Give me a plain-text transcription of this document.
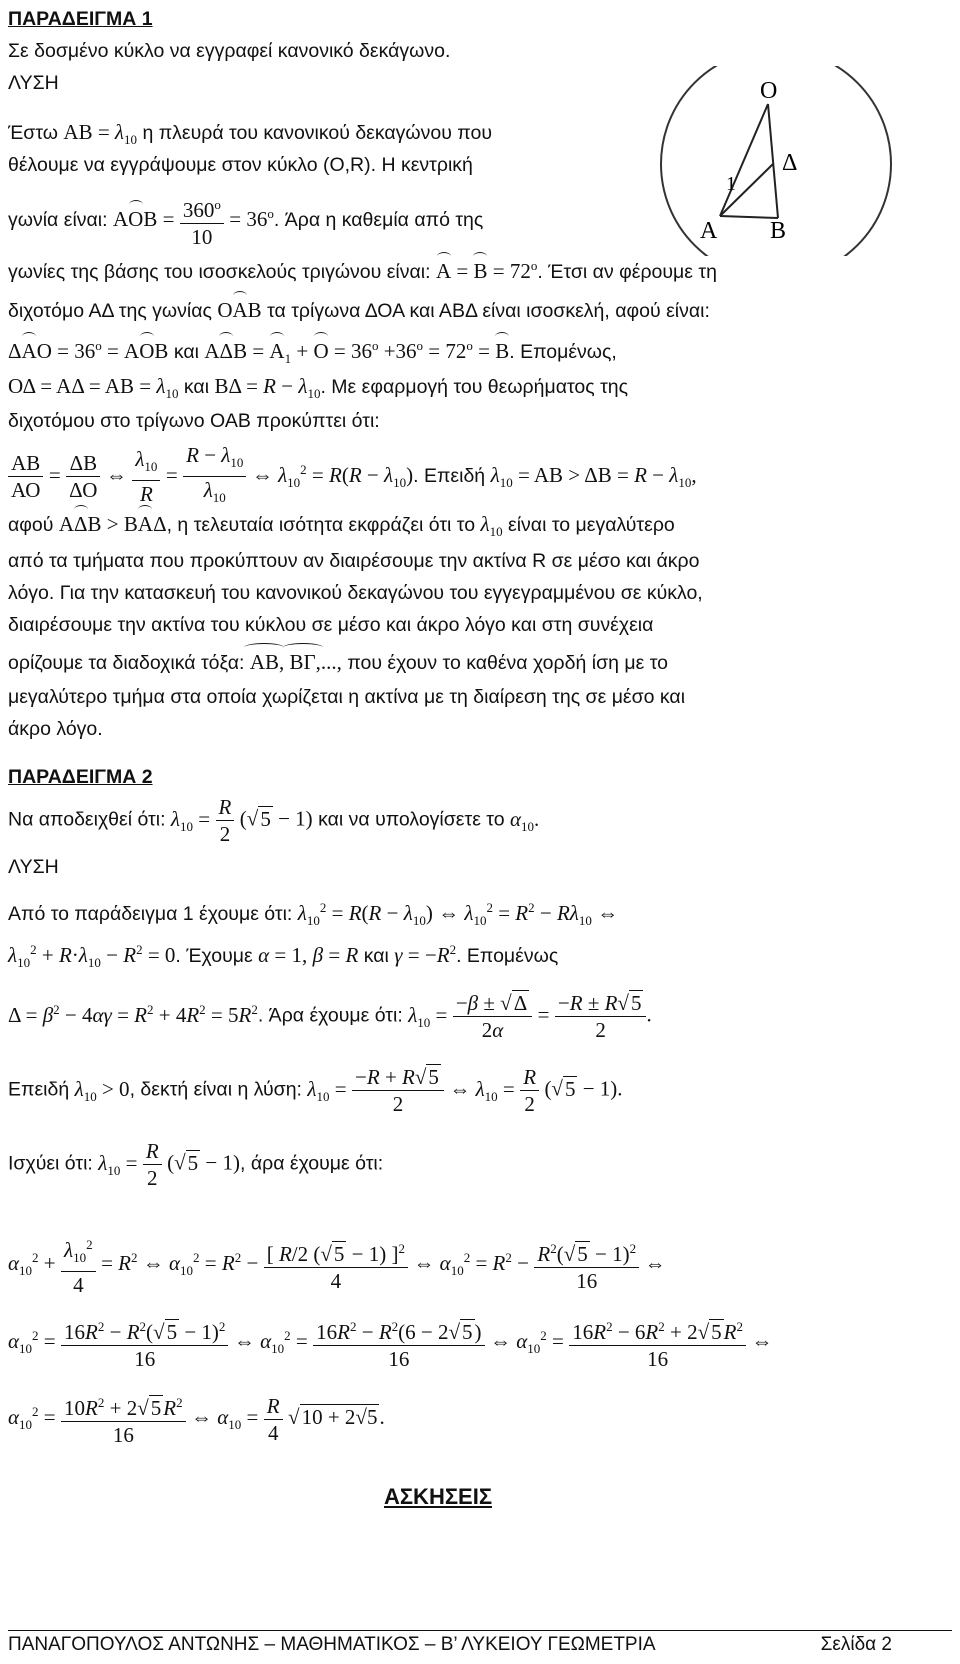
ΠΑΡΑΔΕΙΓΜΑ 1
Σε δοσμένο κύκλο να εγγραφεί κανονικό δεκάγωνο.
ΛΥΣΗ
Έστω $AB = \lambda_{10}$ η πλευρά του κανονικού δεκαγώνου που
θέλουμε να εγγράψουμε στον κύκλο (Ο,R). Η κεντρική
γωνία είναι: $AOB = \frac{360^o}{10} = 36^o$. Άρα η καθεμία από της
γωνίες της βάσης του ισοσκελούς τριγώνου είναι: $A = B = 72^o$. Έτσι αν φέρουμε τη
διχοτόμο ΑΔ της γωνίας ΟΑΒ τα τρίγωνα ΔΟΑ και ΑΒΔ είναι ισοσκελή, αφού είναι:
$\Delta AO = 36^o = AOB$ και $A\Delta B = A_1 + O = 36^o +36^o = 72^o = B$. Επομένως,
$O\Delta = A\Delta = AB = \lambda_{10}$ και $B\Delta = R - \lambda_{10}$. Με εφαρμογή του θεωρήματος της
διχοτόμου στο τρίγωνο ΟΑΒ προκύπτει ότι:
$\frac{AB}{AO} = \frac{\Delta B}{\Delta O}$ ⇔ $\frac{\lambda_{10}}{R} = \frac{R - \lambda_{10}}{\lambda_{10}}$ ⇔ $\lambda_{10}^2 = R(R - \lambda_{10})$. Επειδή $\lambda_{10} = AB > \Delta B = R - \lambda_{10}$,
αφού ΑΔΒ > ΒΑΔ, η τελευταία ισότητα εκφράζει ότι το $\lambda_{10}$ είναι το μεγαλύτερο
από τα τμήματα που προκύπτουν αν διαιρέσουμε την ακτίνα R σε μέσο και άκρο
λόγο. Για την κατασκευή του κανονικού δεκαγώνου του εγγεγραμμένου σε κύκλο,
διαιρέσουμε την ακτίνα του κύκλου σε μέσο και άκρο λόγο και στη συνέχεια
ορίζουμε τα διαδοχικά τόξα: ΑΒ, ΒΓ,..., που έχουν το καθένα χορδή ίση με το
μεγαλύτερο τμήμα στα οποία χωρίζεται η ακτίνα με τη διαίρεση της σε μέσο και
άκρο λόγο.
O
A B
Δ
1
ΠΑΡΑΔΕΙΓΜΑ 2
Να αποδειχθεί ότι: $\lambda_{10} = \frac{R}{2} (√5 - 1)$ και να υπολογίσετε το $\alpha_{10}$.
ΛΥΣΗ
Από το παράδειγμα 1 έχουμε ότι: $\lambda_{10}^2 = R(R - \lambda_{10})$ ⇔ $\lambda_{10}^2 = R^2 - R\lambda_{10}$ ⇔
$\lambda_{10}^2 + R\cdot\lambda_{10} - R^2 = 0$. Έχουμε α = 1, β = R και $\gamma = -R^2$. Επομένως
$\Delta = \beta^2 - 4\alpha\gamma = R^2 + 4R^2 = 5R^2$. Άρα έχουμε ότι: $\lambda_{10} = \frac{-\beta \pm √\Delta}{2\alpha} = \frac{-R \pm R√5}{2}$ .
Επειδή $\lambda_{10} > 0$, δεκτή είναι η λύση: $\lambda_{10} = \frac{-R + R√5}{2}$ ⇔ $\lambda_{10} = \frac{R}{2} (√5 - 1)$.
Ισχύει ότι: $\lambda_{10} = \frac{R}{2} (√5 - 1)$, άρα έχουμε ότι:
$\alpha_{10}^2 + \frac{\lambda_{10}^2}{4} = R^2$ ⇔ $\alpha_{10}^2 = R^2 - \frac{[ R/2 (√5 - 1) ]^2}{4}$ ⇔ $\alpha_{10}^2 = R^2 - \frac{R^2(√5 - 1)^2}{16}$ ⇔
$\alpha_{10}^2 = \frac{16R^2 - R^2(√5 - 1)^2}{16}$ ⇔ $\alpha_{10}^2 = \frac{16R^2 - R^2(6 - 2√5)}{16}$ ⇔ $\alpha_{10}^2 = \frac{16R^2 - 6R^2 + 2√5R^2}{16}$ ⇔
$\alpha_{10}^2 = \frac{10R^2 + 2√5R^2}{16}$ ⇔ $\alpha_{10} = \frac{R}{4} √10 + 2√5$.
ΑΣΚΗΣΕΙΣ
ΠΑΝΑΓΟΠΟΥΛΟΣ ΑΝΤΩΝΗΣ – ΜΑΘΗΜΑΤΙΚΟΣ – Β’ ΛΥΚΕΙΟΥ ΓΕΩΜΕΤΡΙΑ	Σελίδα 2
